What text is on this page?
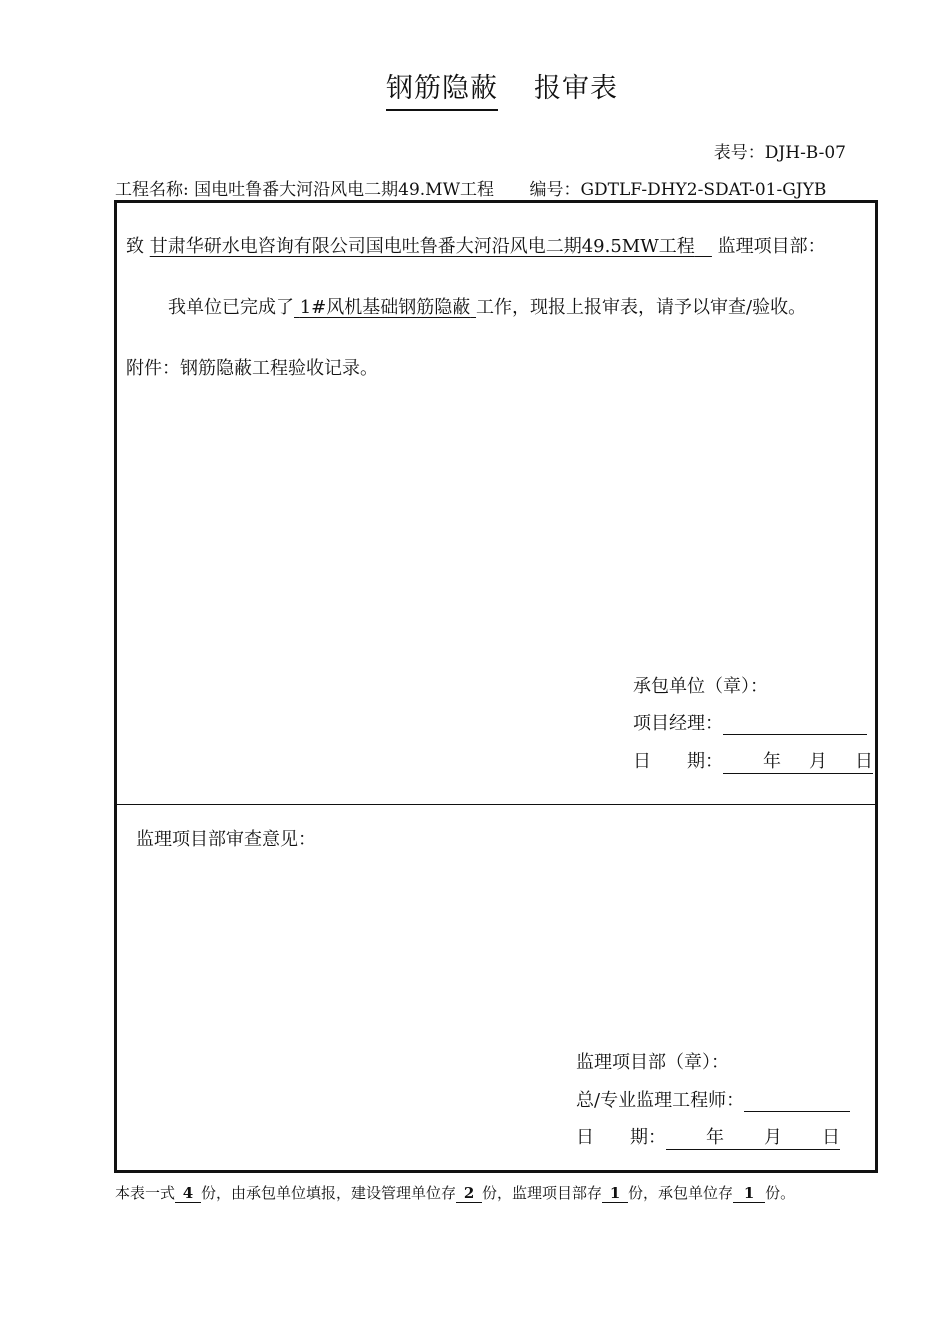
钢筋隐蔽 报审表
表号：DJH-B-07
工程名称: 国电吐鲁番大河沿风电二期49.MW工程 编号：GDTLF-DHY2-SDAT-01-GJYB
致 甘肃华研水电咨询有限公司国电吐鲁番大河沿风电二期49.5MW工程 监理项目部：
我单位已完成了 1#风机基础钢筋隐蔽 工作，现报上报审表，请予以审查/验收。
附件：钢筋隐蔽工程验收记录。
承包单位（章）：
项目经理：
日　　期： 年 月 日
监理项目部审查意见：
监理项目部（章）：
总/专业监理工程师：
日　　期： 年 月 日
本表一式 4 份，由承包单位填报，建设管理单位存 2 份，监理项目部存 1 份，承包单位存 1 份。
